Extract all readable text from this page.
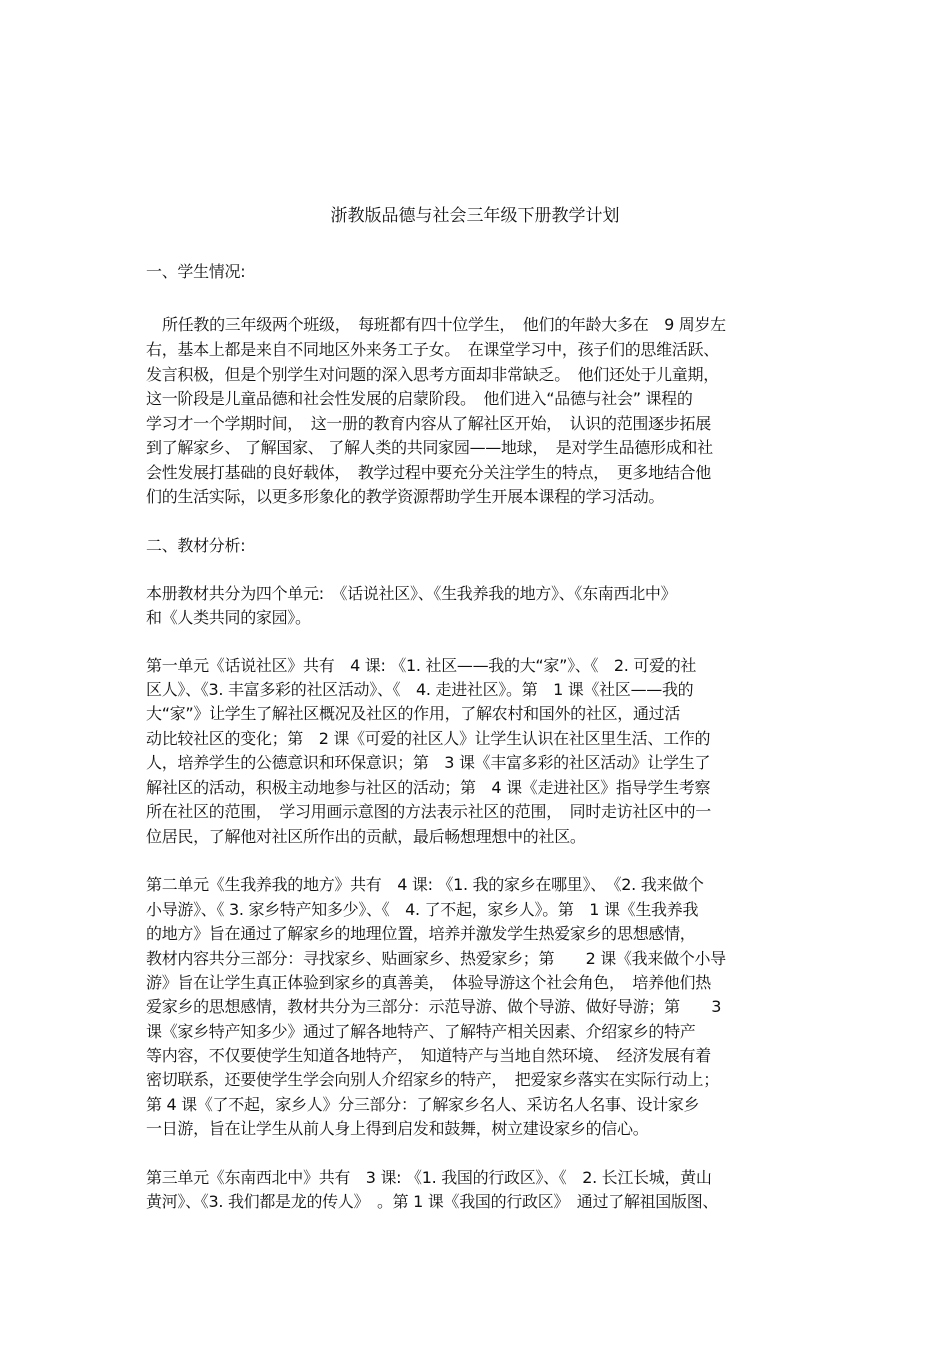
浙教版品德与社会三年级下册教学计划
一、学生情况:
所任教的三年级两个班级，　每班都有四十位学生，　他们的年龄大多在　9 周岁左
右，基本上都是来自不同地区外来务工子女。　在课堂学习中，孩子们的思维活跃、
发言积极，但是个别学生对问题的深入思考方面却非常缺乏。　他们还处于儿童期，
这一阶段是儿童品德和社会性发展的启蒙阶段。　他们进入“品德与社会” 课程的
学习才一个学期时间，　这一册的教育内容从了解社区开始，　认识的范围逐步拓展
到了解家乡、 了解国家、 了解人类的共同家园——地球，　是对学生品德形成和社
会性发展打基础的良好载体，　教学过程中要充分关注学生的特点，　更多地结合他
们的生活实际，以更多形象化的教学资源帮助学生开展本课程的学习活动。
二、教材分析:
本册教材共分为四个单元:　《话说社区》、《生我养我的地方》、《东南西北中》
和《人类共同的家园》。
第一单元《话说社区》共有　4 课: 《1. 社区——我的大“家”》、《　2. 可爱的社
区人》、《3. 丰富多彩的社区活动》、《　4. 走进社区》。第　1 课《社区——我的
大“家”》让学生了解社区概况及社区的作用，了解农村和国外的社区，通过活
动比较社区的变化；第　2 课《可爱的社区人》让学生认识在社区里生活、工作的
人，培养学生的公德意识和环保意识；第　3 课《丰富多彩的社区活动》让学生了
解社区的活动，积极主动地参与社区的活动；第　4 课《走进社区》指导学生考察
所在社区的范围，　学习用画示意图的方法表示社区的范围，　同时走访社区中的一
位居民，了解他对社区所作出的贡献，最后畅想理想中的社区。
第二单元《生我养我的地方》共有　4 课: 《1. 我的家乡在哪里》、　《2. 我来做个
小导游》、《 3. 家乡特产知多少》、《　4. 了不起，家乡人》。第　1 课《生我养我
的地方》旨在通过了解家乡的地理位置，培养并激发学生热爱家乡的思想感情，
教材内容共分三部分：寻找家乡、贴画家乡、热爱家乡；第　　2 课《我来做个小导
游》旨在让学生真正体验到家乡的真善美，　体验导游这个社会角色，　培养他们热
爱家乡的思想感情，教材共分为三部分：示范导游、做个导游、做好导游；第　　3
课《家乡特产知多少》通过了解各地特产、了解特产相关因素、介绍家乡的特产
等内容，不仅要使学生知道各地特产，　知道特产与当地自然环境、　经济发展有着
密切联系，还要使学生学会向别人介绍家乡的特产，　把爱家乡落实在实际行动上；
第 4 课《了不起，家乡人》分三部分：了解家乡名人、采访名人名事、设计家乡
一日游，旨在让学生从前人身上得到启发和鼓舞，树立建设家乡的信心。
第三单元《东南西北中》共有　3 课: 《1. 我国的行政区》、《　2. 长江长城，黄山
黄河》、《3. 我们都是龙的传人》　。第 1 课《我国的行政区》　通过了解祖国版图、
